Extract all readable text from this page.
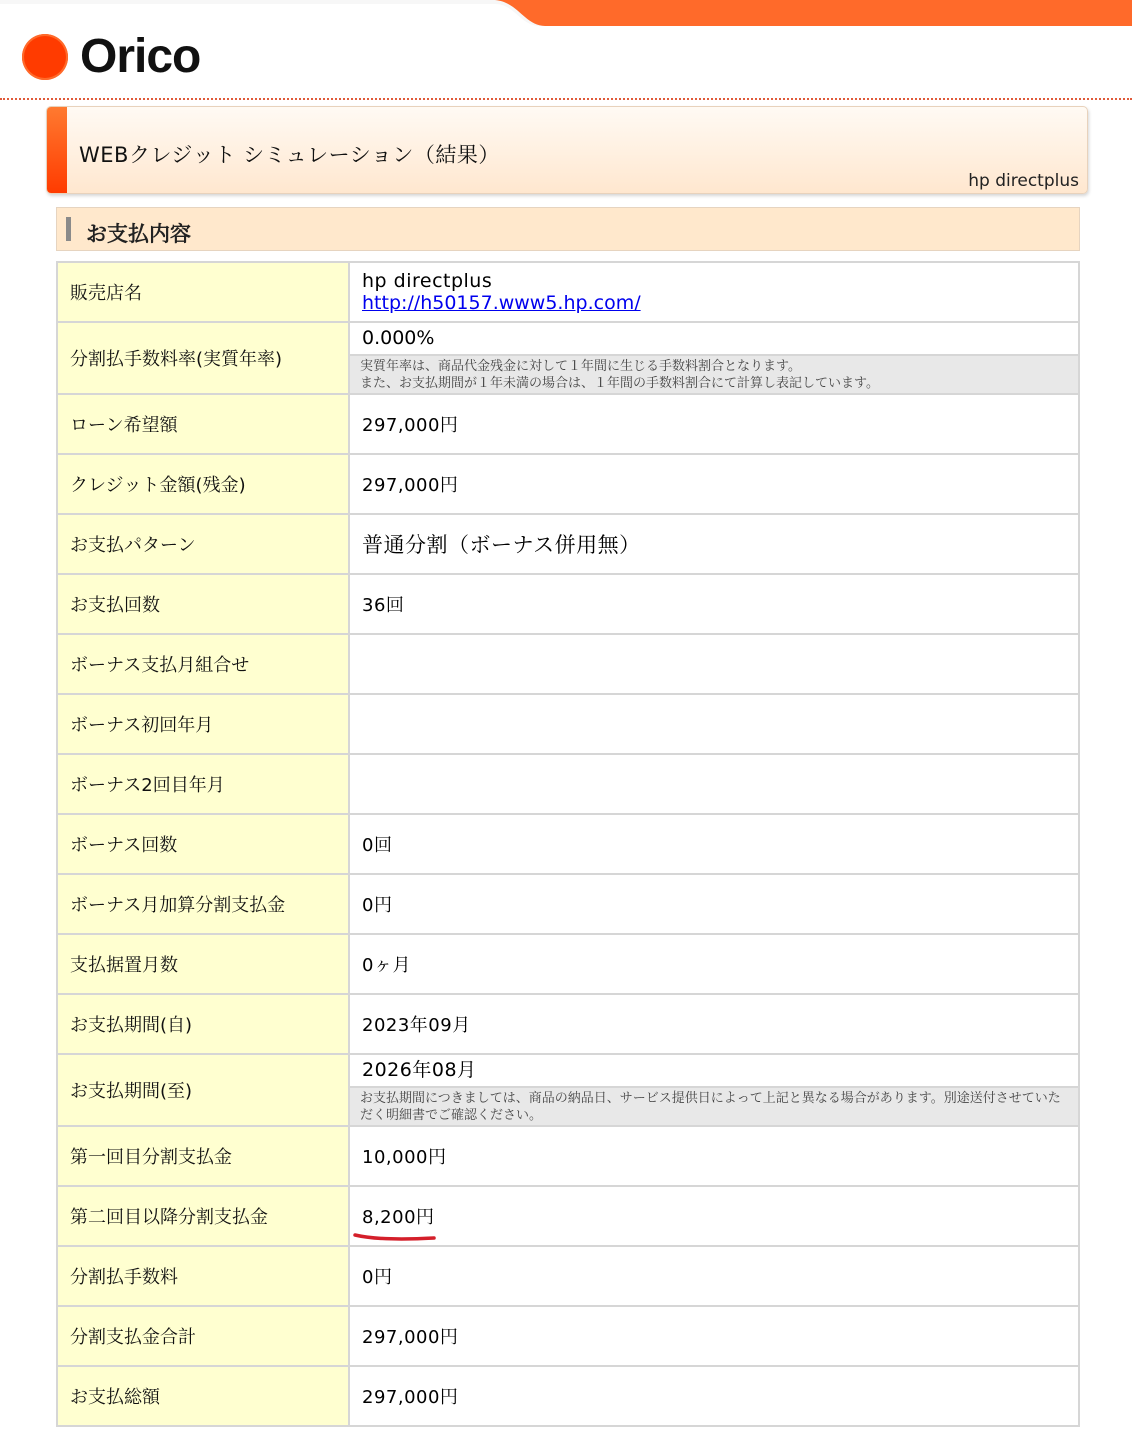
Orico
WEBクレジット シミュレーション（結果）
hp directplus
お支払内容
販売店名	hp directplus
http://h50157.www5.hp.com/
分割払手数料率(実質年率)	0.000%
実質年率は、商品代金残金に対して１年間に生じる手数料割合となります。
また、お支払期間が１年未満の場合は、１年間の手数料割合にて計算し表記しています。

ローン希望額	297,000円
クレジット金額(残金)	297,000円
お支払パターン	普通分割（ボーナス併用無）
お支払回数	36回
ボーナス支払月組合せ	
ボーナス初回年月	
ボーナス2回目年月	
ボーナス回数	0回
ボーナス月加算分割支払金	0円
支払据置月数	0ヶ月
お支払期間(自)	2023年09月
お支払期間(至)	2026年08月
お支払期間につきましては、商品の納品日、サービス提供日によって上記と異なる場合があります。別途送付させていただく明細書でご確認ください。

第一回目分割支払金	10,000円
第二回目以降分割支払金	8,200円
分割払手数料	0円
分割支払金合計	297,000円
お支払総額	297,000円
